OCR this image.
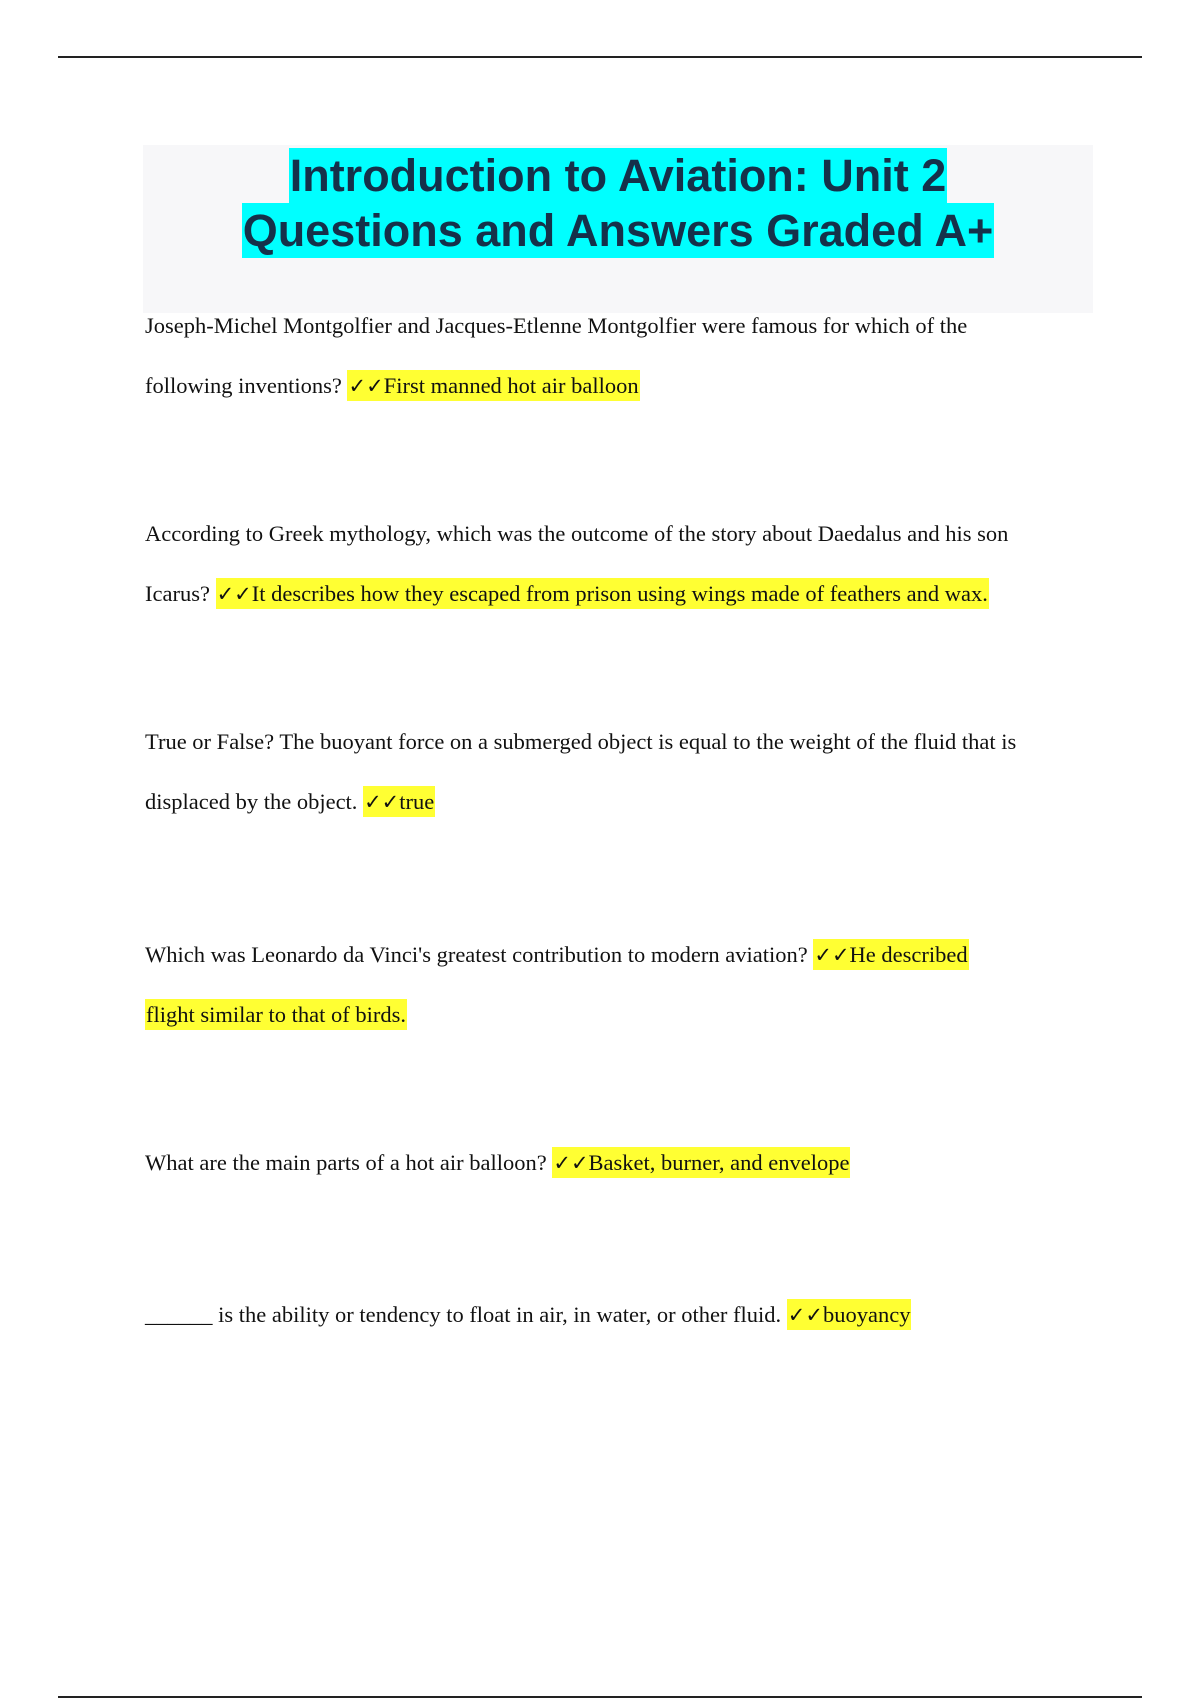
Introduction to Aviation: Unit 2
Questions and Answers Graded A+

Joseph-Michel Montgolfier and Jacques-Etlenne Montgolfier were famous for which of the
following inventions? ✓✓First manned hot air balloon

According to Greek mythology, which was the outcome of the story about Daedalus and his son
Icarus? ✓✓It describes how they escaped from prison using wings made of feathers and wax.

True or False? The buoyant force on a submerged object is equal to the weight of the fluid that is
displaced by the object. ✓✓true

Which was Leonardo da Vinci's greatest contribution to modern aviation? ✓✓He described
flight similar to that of birds.

What are the main parts of a hot air balloon? ✓✓Basket, burner, and envelope

______ is the ability or tendency to float in air, in water, or other fluid. ✓✓buoyancy
